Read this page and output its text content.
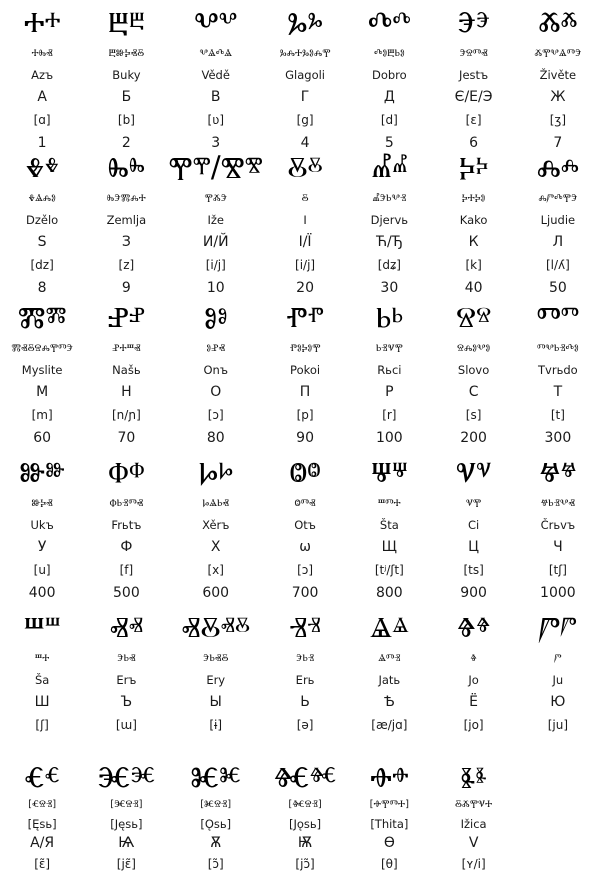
Ⰰⰰ
ⰀⰈⰟ
Azъ
А
[ɑ]
1
Ⰱⰱ
ⰁⰖⰍⰟⰋ
Buky
Б
[b]
2
Ⰲⰲ
ⰂⰡⰄⰡ
Vědě
В
[ʋ]
3
Ⰳⰳ
ⰃⰎⰀⰃⰑⰎⰉ
Glagoli
Г
[g]
4
Ⰴⰴ
ⰄⰑⰁⰓⰑ
Dobro
Д
[d]
5
Ⰵⰵ
ⰅⰔⰕⰟ
Jestъ
Є/Е/Э
[ɛ]
6
Ⰶⰶ
ⰆⰉⰂⰡⰕⰅ
Živěte
Ж
[ʒ]
7
Ⰷⰷ
ⰇⰡⰎⰑ
Dzělo
S
[dz]
8
Ⰸⰸ
ⰈⰅⰏⰎⰀ
Zemlja
З
[z]
9
Ⰹⰹ/Ⰺⰺ
ⰉⰆⰅ
Iže
И/Й
[i/j]
10
Ⰻⰻ
Ⰻ
I
І/Ї
[i/j]
20
Ⰼⰼ
ⰌⰅⰓⰂⰠ
Djervь
Ћ/Ђ
[dʑ]
30
Ⰽⰽ
ⰍⰀⰍⰑ
Kako
К
[k]
40
Ⰾⰾ
ⰎⰣⰄⰉⰅ
Ljudie
Л
[l/ʎ]
50
Ⰿⰿ
ⰏⰟⰋⰔⰎⰉⰕⰅ
Myslite
М
[m]
60
Ⱀⱀ
ⰐⰀⰞⰟ
Našь
Н
[n/ɲ]
70
Ⱁⱁ
ⰑⰐⰟ
Onъ
О
[ɔ]
80
Ⱂⱂ
ⰒⰑⰍⰑⰉ
Pokoi
П
[p]
90
Ⱃⱃ
ⰓⰠⰜⰉ
Rьci
Р
[r]
100
Ⱄⱄ
ⰔⰎⰑⰂⰑ
Slovo
С
[s]
200
Ⱅⱅ
ⰕⰂⰓⰠⰄⰑ
Tvrьdo
Т
[t]
300
Ⱆⱆ
ⰖⰍⰟ
Ukъ
У
[u]
400
Ⱇⱇ
ⰗⰓⰠⰕⰟ
Frьtъ
Ф
[f]
500
Ⱈⱈ
ⰘⰡⰓⰟ
Xěrъ
Х
[x]
600
Ⱉⱉ
ⰙⰕⰟ
Otъ
ω
[ɔ]
700
Ⱋⱋ
ⰞⰕⰀ
Šta
Щ
[tʲ/ʃt]
800
Ⱌⱌ
ⰜⰉ
Ci
Ц
[ts]
900
Ⱍⱍ
ⰝⰓⰠⰂⰟ
Črьvъ
Ч
[tʃ]
1000
Ⱎⱎ
ⰞⰀ
Ša
Ш
[ʃ]
Ⱏⱏ
ⰅⰓⰟ
Erъ
Ъ
[ɯ]
ⰟⰋⱏⰻ
ⰅⰓⰟⰋ
Ery
Ы
[ɨ]
Ⱐⱐ
ⰅⰓⰠ
Erь
Ь
[ə]
Ⱑⱑ
ⰡⰕⰠ
Jatь
Ѣ
[æ/jɑ]
Ⱖⱖ
Ⱖ
Jo
Ё
[jo]
Ⱓⱓ
Ⱓ
Ju
Ю
[ju]
Ⱔⱔ
[ⰤⰔⰠ]
[Ęsь]
А/Я
[ɛ̃]
Ⱗⱗ
[ⰧⰔⰠ]
[Jęsь]
Ѩ
[jɛ̃]
Ⱘⱘ
[ⰨⰔⰠ]
[Ǫsь]
Ѫ
[ɔ̃]
Ⱙⱙ
[ⰩⰔⰠ]
[Jǫsь]
Ѭ
[jɔ̃]
Ⱚⱚ
[ⰪⰉⰕⰀ]
[Thita]
Ѳ
[θ]
Ⱛⱛ
ⰋⰆⰉⰜⰀ
Ižica
V
[ʏ/i]
